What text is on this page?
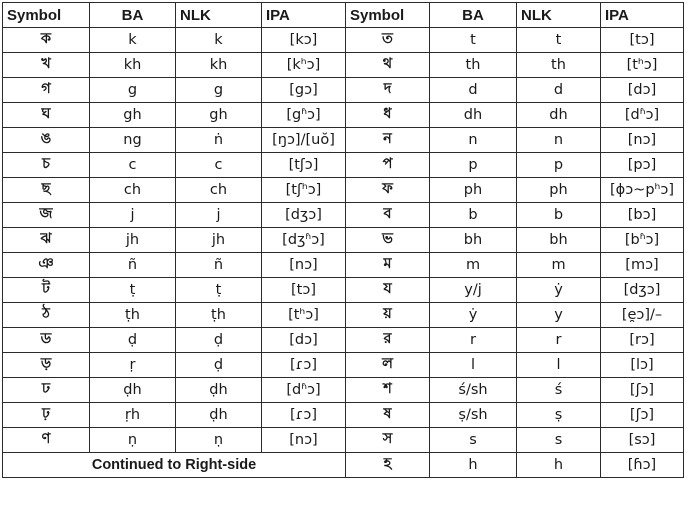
Symbol	BA	NLK	IPA	Symbol	BA	NLK	IPA
ক	k	k	[kɔ]	ত	t	t	[tɔ]
খ	kh	kh	[kʰɔ]	থ	th	th	[tʰɔ]
গ	g	g	[gɔ]	দ	d	d	[dɔ]
ঘ	gh	gh	[gʱɔ]	ধ	dh	dh	[dʱɔ]
ঙ	ng	ṅ	[ŋɔ]/[uŏ]	ন	n	n	[nɔ]
চ	c	c	[tʃɔ]	প	p	p	[pɔ]
ছ	ch	ch	[tʃʰɔ]	ফ	ph	ph	[ɸɔ~pʰɔ]
জ	j	j	[dʒɔ]	ব	b	b	[bɔ]
ঝ	jh	jh	[dʒʱɔ]	ভ	bh	bh	[bʱɔ]
ঞ	ñ	ñ	[nɔ]	ম	m	m	[mɔ]
ট	ṭ	ṭ	[tɔ]	য	y/j	ẏ	[dʒɔ]
ঠ	ṭh	ṭh	[tʰɔ]	য়	ẏ	y	[e̯ɔ]/–
ড	ḍ	ḍ	[dɔ]	র	r	r	[rɔ]
ড়	ṛ	ḍ	[ɾɔ]	ল	l	l	[lɔ]
ঢ	ḍh	ḍh	[dʱɔ]	শ	ś/sh	ś	[ʃɔ]
ঢ়	ṛh	ḍh	[ɾɔ]	ষ	ṣ/sh	ṣ	[ʃɔ]
ণ	ṇ	ṇ	[nɔ]	স	s	s	[sɔ]
Continued to Right-side				হ	h	h	[ɦɔ]
